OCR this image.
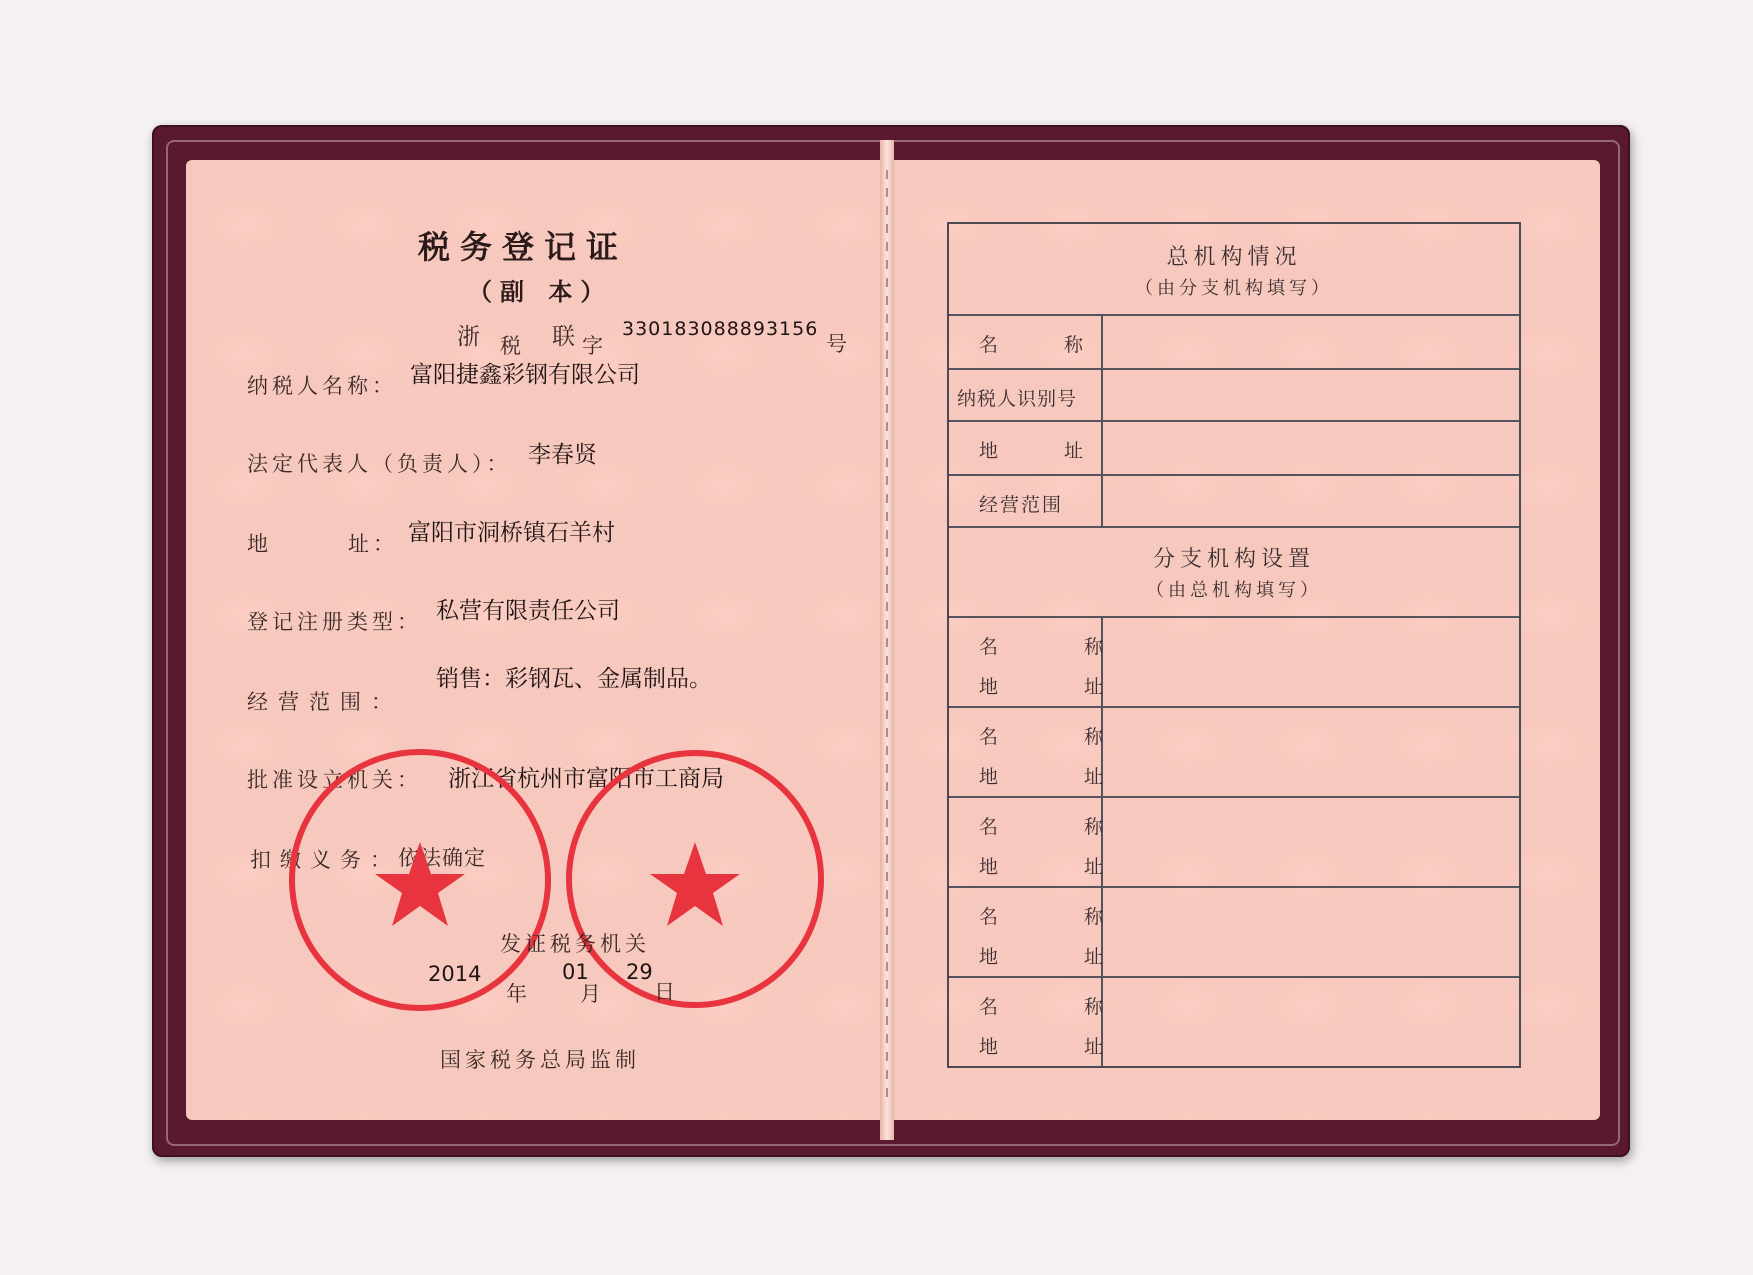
税务登记证
（副 本）
浙 税 联 字
330183088893156
号
纳税人名称： 富阳捷鑫彩钢有限公司
法定代表人（负责人）： 李春贤
地	址： 富阳市洞桥镇石羊村
登记注册类型： 私营有限责任公司
经营范围：
销售：彩钢瓦、金属制品。
批准设立机关： 浙江省杭州市富阳市工商局
扣缴义务：
依法确定
发证税务机关
2014
年
01
月
29
日
国家税务总局监制
总机构情况
（由分支机构填写）
名 称
纳税人识别号
地 址
经营范围
分支机构设置
（由总机构填写）
名 称
地 址
名 称
地 址
名 称
地 址
名 称
地 址
名 称
地 址
